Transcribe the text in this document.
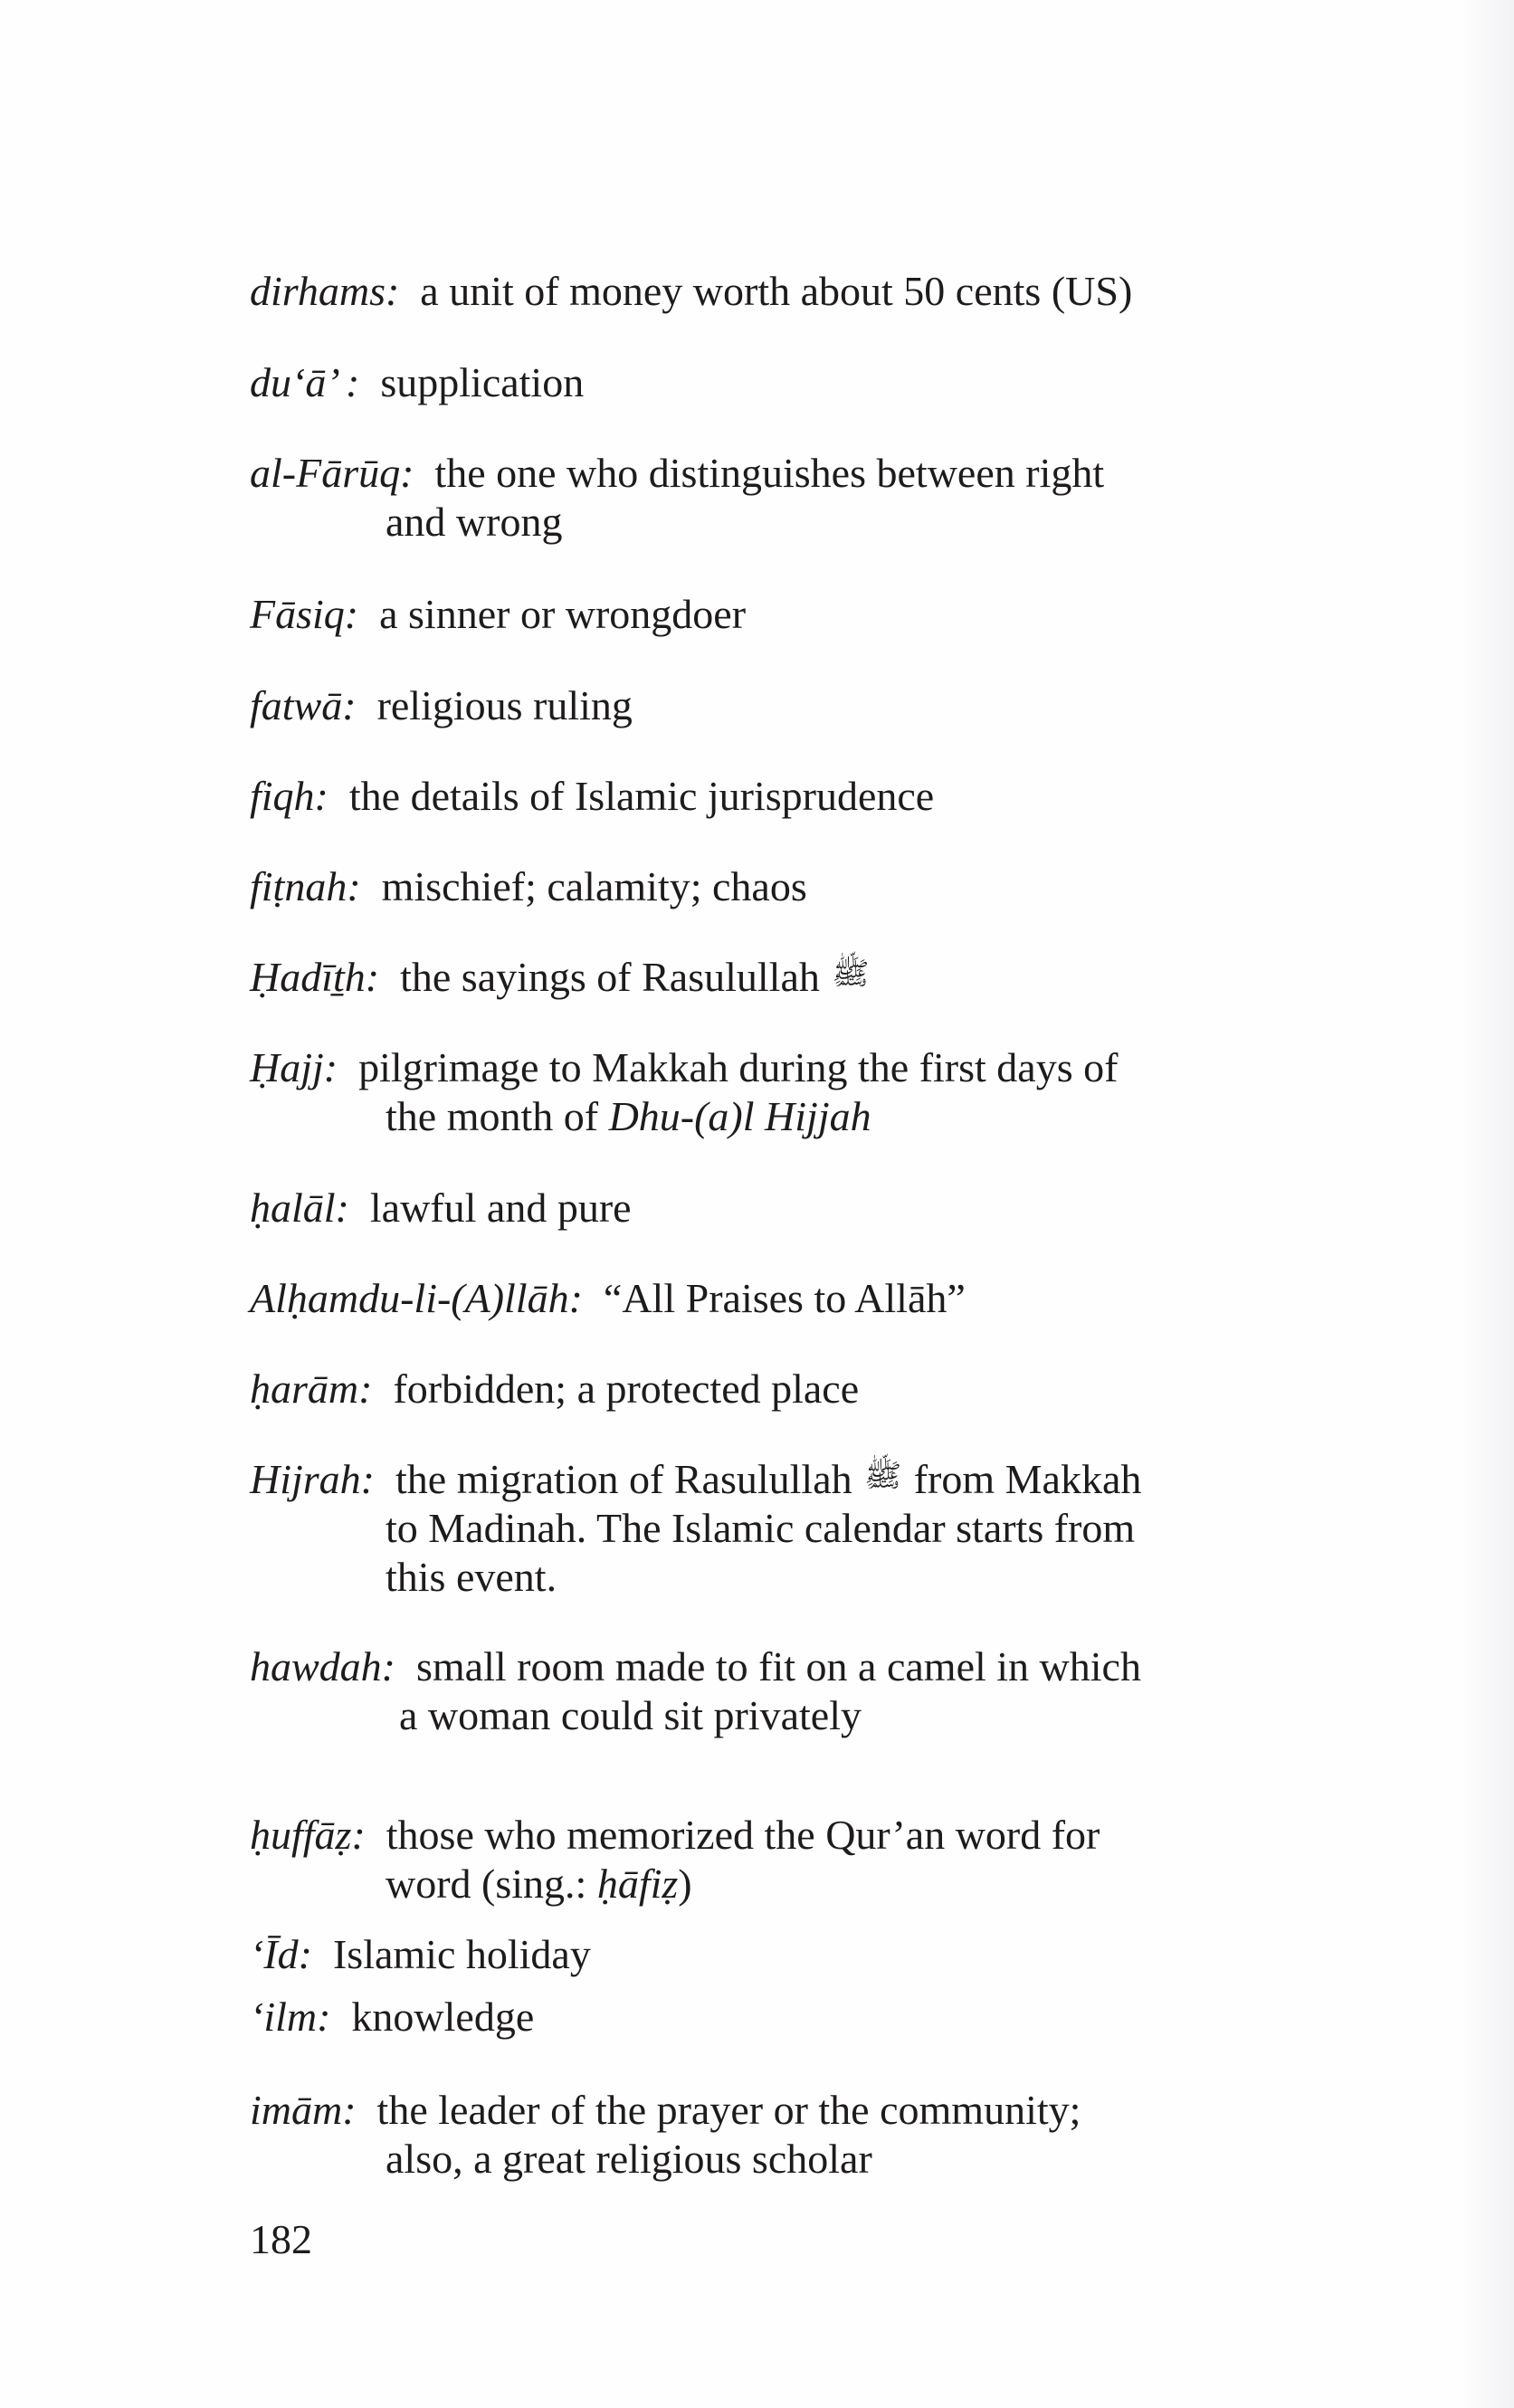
dirhams: a unit of money worth about 50 cents (US)
du‘ā’ : supplication
al-Fārūq: the one who distinguishes between right
and wrong
Fāsiq: a sinner or wrongdoer
fatwā: religious ruling
fiqh: the details of Islamic jurisprudence
fiṭnah: mischief; calamity; chaos
Ḥadīṯh: the sayings of Rasulullah ﷺ
Ḥajj: pilgrimage to Makkah during the first days of
the month of Dhu-(a)l Hijjah
ḥalāl: lawful and pure
Alḥamdu-li-(A)llāh: “All Praises to Allāh”
ḥarām: forbidden; a protected place
Hijrah: the migration of Rasulullah ﷺ from Makkah
to Madinah. The Islamic calendar starts from
this event.
hawdah: small room made to fit on a camel in which
a woman could sit privately
ḥuffāẓ: those who memorized the Qur’an word for
word (sing.: ḥāfiẓ)
‘Īd: Islamic holiday
‘ilm: knowledge
imām: the leader of the prayer or the community;
also, a great religious scholar
182
